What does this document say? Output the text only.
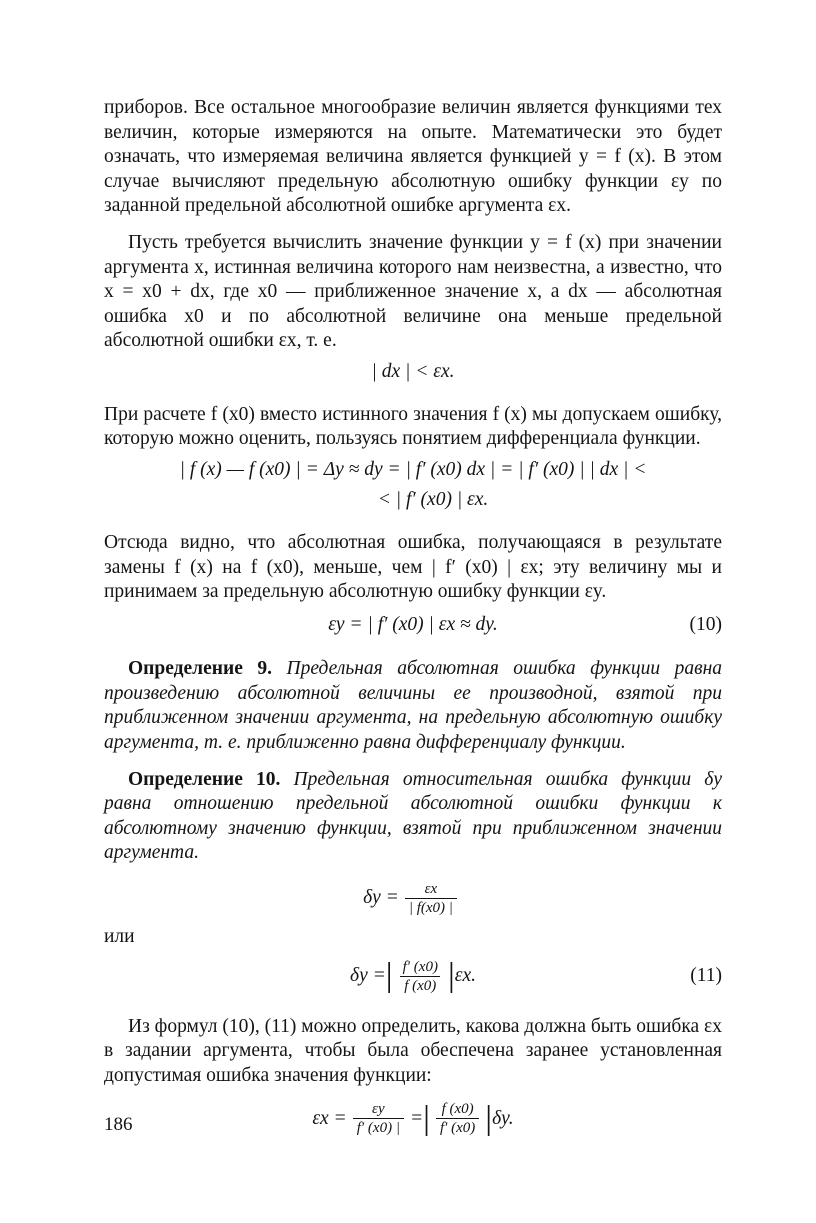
приборов. Все остальное многообразие величин является функциями тех величин, которые измеряются на опыте. Математически это будет означать, что измеряемая величина является функцией y = f (x). В этом случае вычисляют предельную абсолютную ошибку функции εy по заданной предельной абсолютной ошибке аргумента εx.

Пусть требуется вычислить значение функции y = f (x) при значении аргумента x, истинная величина которого нам неизвестна, а известно, что x = x0 + dx, где x0 — приближенное значение x, а dx — абсолютная ошибка x0 и по абсолютной величине она меньше предельной абсолютной ошибки εx, т. е.

| dx | < εx.

При расчете f (x0) вместо истинного значения f (x) мы допускаем ошибку, которую можно оценить, пользуясь понятием дифференциала функции.

| f (x) — f (x0) | = Δy ≈ dy = | f′ (x0) dx | = | f′ (x0) | | dx | <
< | f′ (x0) | εx.

Отсюда видно, что абсолютная ошибка, получающаяся в результате замены f (x) на f (x0), меньше, чем | f′ (x0) | εx; эту величину мы и принимаем за предельную абсолютную ошибку функции εy.

εy = | f′ (x0) | εx ≈ dy.	(10)

Определение 9. Предельная абсолютная ошибка функции равна произведению абсолютной величины ее производной, взятой при приближенном значении аргумента, на предельную абсолютную ошибку аргумента, т. е. приближенно равна дифференциалу функции.

Определение 10. Предельная относительная ошибка функции δy равна отношению предельной абсолютной ошибки функции к абсолютному значению функции, взятой при приближенном значении аргумента.

$\delta y = \frac{\varepsilon x}{| f(x0) |}$
или
δy = | $\frac{f' (x0)}{f (x0)}$ | εx.	(11)

Из формул (10), (11) можно определить, какова должна быть ошибка εx в задании аргумента, чтобы была обеспечена заранее установленная допустимая ошибка значения функции:

$\varepsilon x = \frac{\varepsilon y}{f' (x0) |}$ = | $\frac{f (x0)}{f' (x0)}$ | δy.
186
